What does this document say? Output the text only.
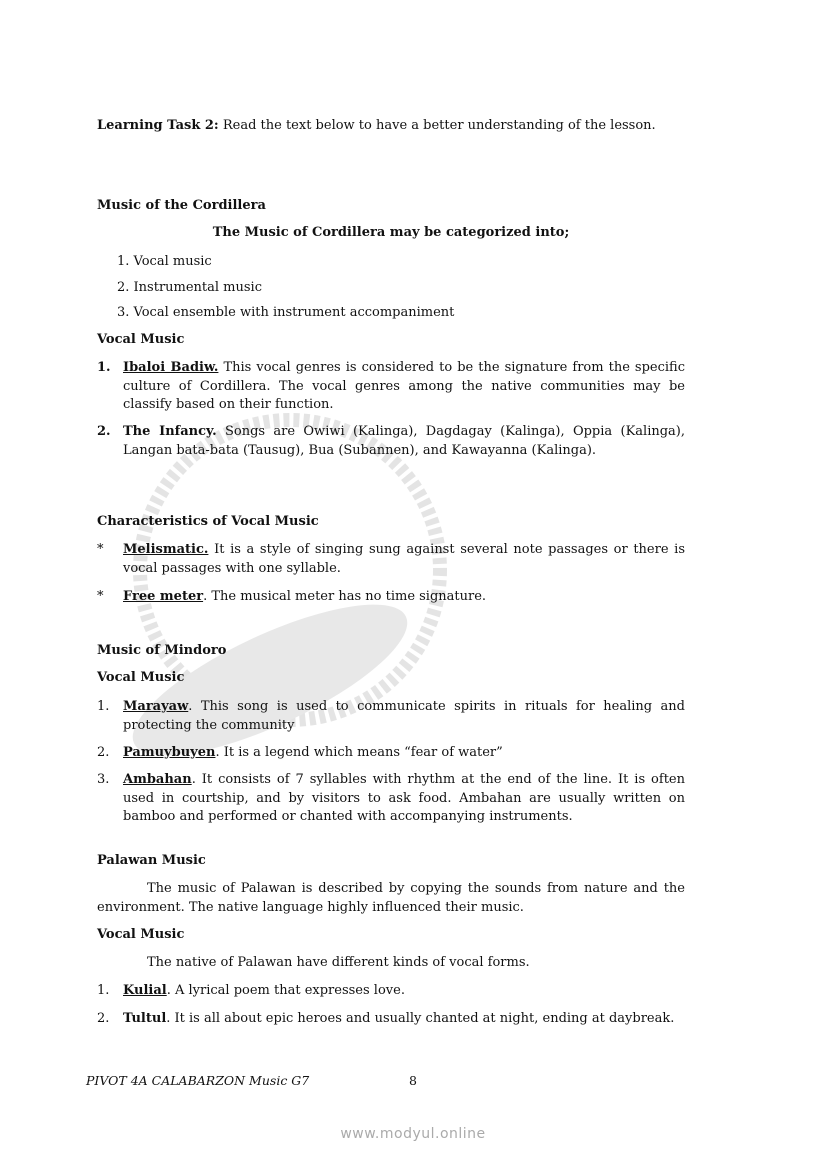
Learning Task 2: Read the text below to have a better understanding of the lesson.
Music of the Cordillera
The Music of Cordillera may be categorized into;
1. Vocal music
2. Instrumental music
3. Vocal ensemble with instrument accompaniment
Vocal Music
1. Ibaloi Badiw. This vocal genres is considered to be the signature from the specific culture of Cordillera. The vocal genres among the native communities may be classify based on their function.
2. The Infancy. Songs are Owiwi (Kalinga), Dagdagay (Kalinga), Oppia (Kalinga), Langan bata-bata (Tausug), Bua (Subannen), and Kawayanna (Kalinga).
Characteristics of Vocal Music
* Melismatic. It is a style of singing sung against several note passages or there is vocal passages with one syllable.
* Free meter. The musical meter has no time signature.
Music of Mindoro
Vocal Music
1. Marayaw. This song is used to communicate spirits in rituals for healing and protecting the community
2. Pamuybuyen. It is a legend which means “fear of water”
3. Ambahan. It consists of 7 syllables with rhythm at the end of the line. It is often used in courtship, and by visitors to ask food. Ambahan are usually written on bamboo and performed or chanted with accompanying instruments.
Palawan Music
The music of Palawan is described by copying the sounds from nature and the environment. The native language highly influenced their music.
Vocal Music
The native of Palawan have different kinds of vocal forms.
1. Kulial. A lyrical poem that expresses love.
2. Tultul. It is all about epic heroes and usually chanted at night, ending at daybreak.
PIVOT 4A CALABARZON Music G7	8
www.modyul.online
